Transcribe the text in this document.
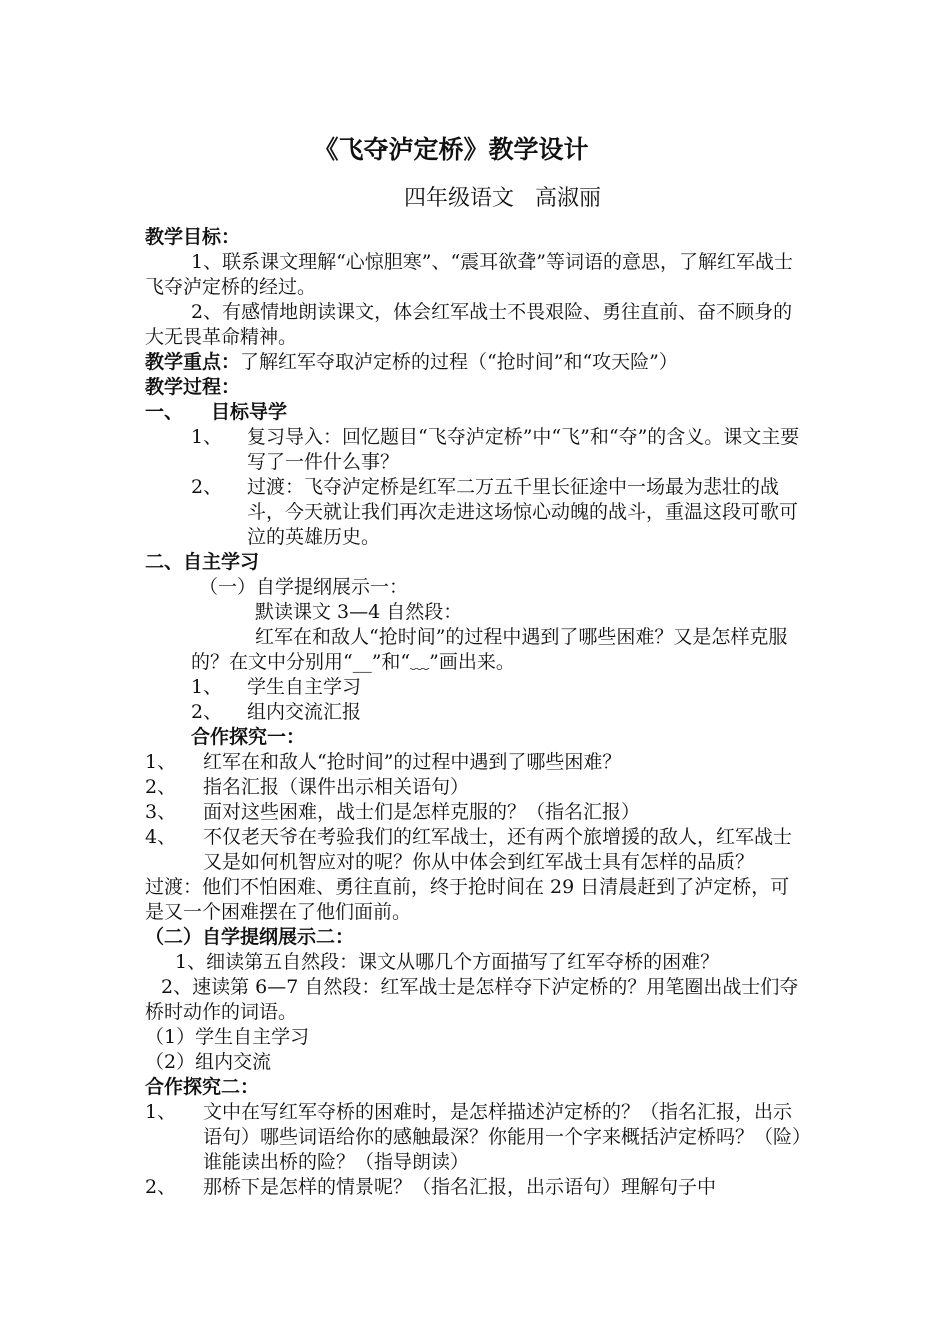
《飞夺泸定桥》教学设计
四年级语文   高淑丽

教学目标：

1、联系课文理解“心惊胆寒”、“震耳欲聋”等词语的意思，了解红军战士飞夺泸定桥的经过。

2、有感情地朗读课文，体会红军战士不畏艰险、勇往直前、奋不顾身的大无畏革命精神。

教学重点：了解红军夺取泸定桥的过程（“抢时间”和“攻天险”）

教学过程：

一、 目标导学

1、	复习导入：回忆题目“飞夺泸定桥”中“飞”和“夺”的含义。课文主要写了一件什么事？
2、	过渡：飞夺泸定桥是红军二万五千里长征途中一场最为悲壮的战斗，今天就让我们再次走进这场惊心动魄的战斗，重温这段可歌可泣的英雄历史。

二、自主学习

（一）自学提纲展示一：

默读课文 3—4 自然段：

红军在和敌人“抢时间”的过程中遇到了哪些困难？又是怎样克服的？在文中分别用“__”和“﹏”画出来。

1、	学生自主学习
2、	组内交流汇报

合作探究一：

1、	红军在和敌人“抢时间”的过程中遇到了哪些困难？
2、	指名汇报（课件出示相关语句）
3、	面对这些困难，战士们是怎样克服的？（指名汇报）
4、	不仅老天爷在考验我们的红军战士，还有两个旅增援的敌人，红军战士又是如何机智应对的呢？你从中体会到红军战士具有怎样的品质？

过渡：他们不怕困难、勇往直前，终于抢时间在 29 日清晨赶到了泸定桥，可是又一个困难摆在了他们面前。

（二）自学提纲展示二：

1、细读第五自然段：课文从哪几个方面描写了红军夺桥的困难？

2、速读第 6—7 自然段：红军战士是怎样夺下泸定桥的？用笔圈出战士们夺桥时动作的词语。

（1）学生自主学习

（2）组内交流

合作探究二：

1、	文中在写红军夺桥的困难时，是怎样描述泸定桥的？（指名汇报，出示语句）哪些词语给你的感触最深？你能用一个字来概括泸定桥吗？（险）谁能读出桥的险？（指导朗读）
2、	那桥下是怎样的情景呢？（指名汇报，出示语句）理解句子中
